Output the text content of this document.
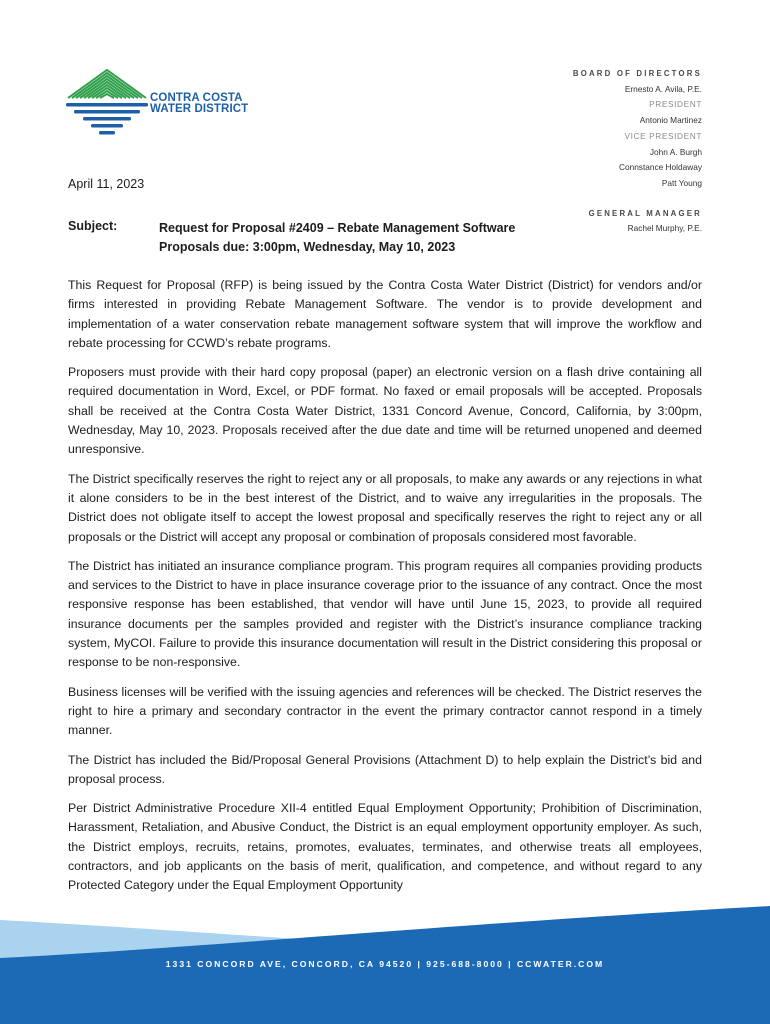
CONTRA COSTA
WATER DISTRICT
BOARD OF DIRECTORS
Ernesto A. Avila, P.E.
PRESIDENT
Antonio Martinez
VICE PRESIDENT
John A. Burgh
Connstance Holdaway
Patt Young
GENERAL MANAGER
Rachel Murphy, P.E.
April 11, 2023
Subject:	Request for Proposal #2409 – Rebate Management Software
Proposals due: 3:00pm, Wednesday, May 10, 2023

This Request for Proposal (RFP) is being issued by the Contra Costa Water District (District) for vendors and/or firms interested in providing Rebate Management Software. The vendor is to provide development and implementation of a water conservation rebate management software system that will improve the workflow and rebate processing for CCWD’s rebate programs.

Proposers must provide with their hard copy proposal (paper) an electronic version on a flash drive containing all required documentation in Word, Excel, or PDF format. No faxed or email proposals will be accepted. Proposals shall be received at the Contra Costa Water District, 1331 Concord Avenue, Concord, California, by 3:00pm, Wednesday, May 10, 2023. Proposals received after the due date and time will be returned unopened and deemed unresponsive.

The District specifically reserves the right to reject any or all proposals, to make any awards or any rejections in what it alone considers to be in the best interest of the District, and to waive any irregularities in the proposals. The District does not obligate itself to accept the lowest proposal and specifically reserves the right to reject any or all proposals or the District will accept any proposal or combination of proposals considered most favorable.

The District has initiated an insurance compliance program. This program requires all companies providing products and services to the District to have in place insurance coverage prior to the issuance of any contract. Once the most responsive response has been established, that vendor will have until June 15, 2023, to provide all required insurance documents per the samples provided and register with the District’s insurance compliance tracking system, MyCOI. Failure to provide this insurance documentation will result in the District considering this proposal or response to be non-responsive.

Business licenses will be verified with the issuing agencies and references will be checked. The District reserves the right to hire a primary and secondary contractor in the event the primary contractor cannot respond in a timely manner.

The District has included the Bid/Proposal General Provisions (Attachment D) to help explain the District’s bid and proposal process.

Per District Administrative Procedure XII-4 entitled Equal Employment Opportunity; Prohibition of Discrimination, Harassment, Retaliation, and Abusive Conduct, the District is an equal employment opportunity employer. As such, the District employs, recruits, retains, promotes, evaluates, terminates, and otherwise treats all employees, contractors, and job applicants on the basis of merit, qualification, and competence, and without regard to any Protected Category under the Equal Employment Opportunity

1331 CONCORD AVE, CONCORD, CA 94520 | 925-688-8000 | CCWATER.COM
